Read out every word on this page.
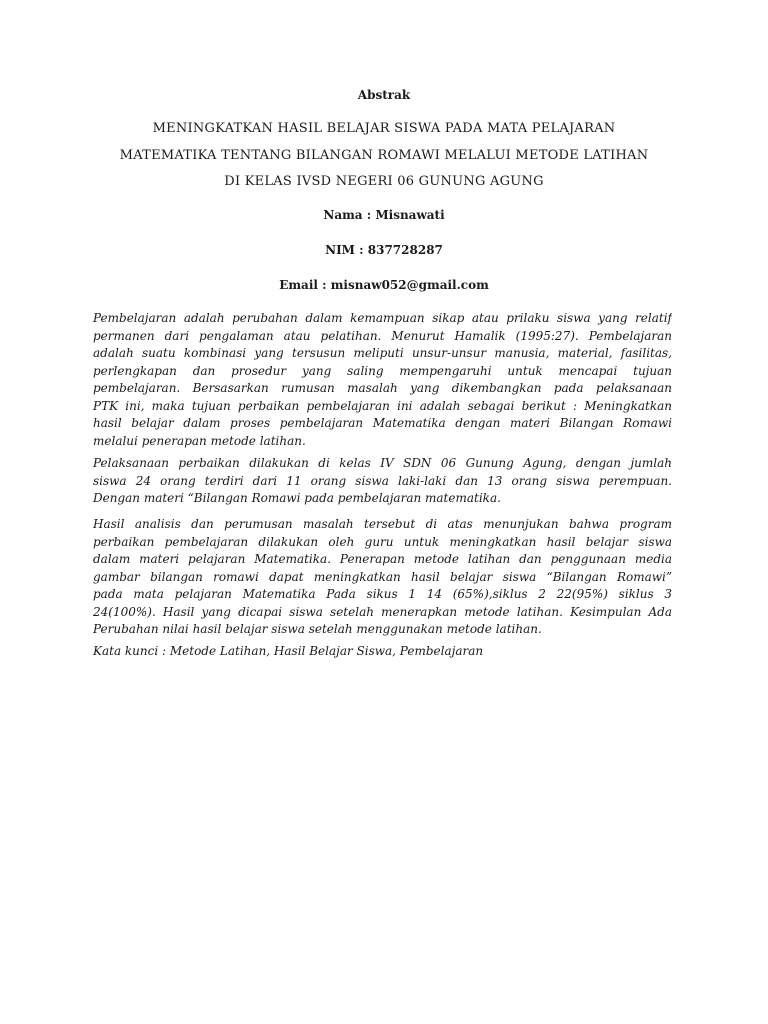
Abstrak

MENINGKATKAN HASIL BELAJAR SISWA PADA MATA PELAJARAN

MATEMATIKA TENTANG BILANGAN ROMAWI MELALUI METODE LATIHAN

DI KELAS IVSD NEGERI 06 GUNUNG AGUNG

Nama : Misnawati

NIM : 837728287

Email : misnaw052@gmail.com

Pembelajaran adalah perubahan dalam kemampuan sikap atau prilaku siswa yang relatif
permanen dari pengalaman atau pelatihan. Menurut Hamalik (1995:27). Pembelajaran
adalah suatu kombinasi yang tersusun meliputi unsur-unsur manusia, material, fasilitas,
perlengkapan dan prosedur yang saling mempengaruhi untuk mencapai tujuan
pembelajaran. Bersasarkan rumusan masalah yang dikembangkan pada pelaksanaan
PTK ini, maka tujuan perbaikan pembelajaran ini adalah sebagai berikut : Meningkatkan
hasil belajar dalam proses pembelajaran Matematika dengan materi Bilangan Romawi
melalui penerapan metode latihan.
Pelaksanaan perbaikan dilakukan di kelas IV SDN 06 Gunung Agung, dengan jumlah
siswa 24 orang terdiri dari 11 orang siswa laki-laki dan 13 orang siswa perempuan.
Dengan materi “Bilangan Romawi pada pembelajaran matematika.
Hasil analisis dan perumusan masalah tersebut di atas menunjukan bahwa program
perbaikan pembelajaran dilakukan oleh guru untuk meningkatkan hasil belajar siswa
dalam materi pelajaran Matematika. Penerapan metode latihan dan penggunaan media
gambar bilangan romawi dapat meningkatkan hasil belajar siswa “Bilangan Romawi”
pada mata pelajaran Matematika Pada sikus 1 14 (65%),siklus 2 22(95%) siklus 3
24(100%). Hasil yang dicapai siswa setelah menerapkan metode latihan. Kesimpulan Ada
Perubahan nilai hasil belajar siswa setelah menggunakan metode latihan.
Kata kunci : Metode Latihan, Hasil Belajar Siswa, Pembelajaran
